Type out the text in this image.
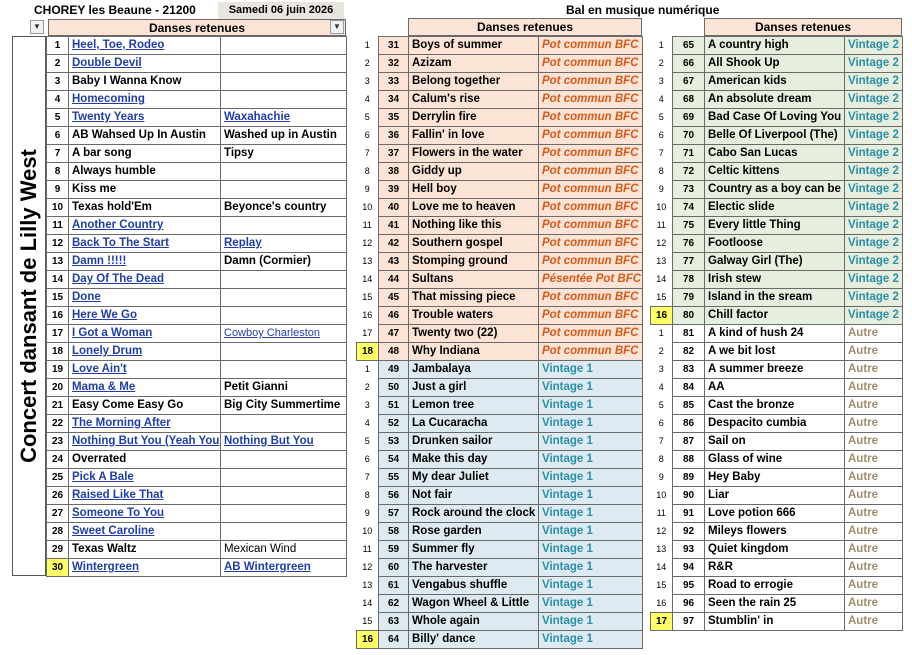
CHOREY les Beaune - 21200	Samedi 06 juin 2026	Bal en musique numérique
▼	Danses retenues	▼
Concert dansant de Lilly West
1	Heel, Toe, Rodeo	
2	Double Devil	
3	Baby I Wanna Know	
4	Homecoming	
5	Twenty Years	Waxahachie
6	AB Wahsed Up In Austin	Washed up in Austin
7	A bar song	Tipsy
8	Always humble	
9	Kiss me	
10	Texas hold'Em	Beyonce's country
11	Another Country	
12	Back To The Start	Replay
13	Damn !!!!!	Damn (Cormier)
14	Day Of The Dead	
15	Done	
16	Here We Go	
17	I Got a Woman	Cowboy Charleston
18	Lonely Drum	
19	Love Ain't	
20	Mama & Me	Petit Gianni
21	Easy Come Easy Go	Big City Summertime
22	The Morning After	
23	Nothing But You (Yeah You	Nothing But You
24	Overrated	
25	Pick A Bale	
26	Raised Like That	
27	Someone To You	
28	Sweet Caroline	
29	Texas Waltz	Mexican Wind
30	Wintergreen	AB Wintergreen
Danses retenues
1	31	Boys of summer	Pot commun BFC
2	32	Azizam	Pot commun BFC
3	33	Belong together	Pot commun BFC
4	34	Calum's rise	Pot commun BFC
5	35	Derrylin fire	Pot commun BFC
6	36	Fallin' in love	Pot commun BFC
7	37	Flowers in the water	Pot commun BFC
8	38	Giddy up	Pot commun BFC
9	39	Hell boy	Pot commun BFC
10	40	Love me to heaven	Pot commun BFC
11	41	Nothing like this	Pot commun BFC
12	42	Southern gospel	Pot commun BFC
13	43	Stomping ground	Pot commun BFC
14	44	Sultans	Pésentée Pot BFC
15	45	That missing piece	Pot commun BFC
16	46	Trouble waters	Pot commun BFC
17	47	Twenty two (22)	Pot commun BFC
18	48	Why Indiana	Pot commun BFC
1	49	Jambalaya	Vintage 1
2	50	Just a girl	Vintage 1
3	51	Lemon tree	Vintage 1
4	52	La Cucaracha	Vintage 1
5	53	Drunken sailor	Vintage 1
6	54	Make this day	Vintage 1
7	55	My dear Juliet	Vintage 1
8	56	Not fair	Vintage 1
9	57	Rock around the clock	Vintage 1
10	58	Rose garden	Vintage 1
11	59	Summer fly	Vintage 1
12	60	The harvester	Vintage 1
13	61	Vengabus shuffle	Vintage 1
14	62	Wagon Wheel & Little	Vintage 1
15	63	Whole again	Vintage 1
16	64	Billy' dance	Vintage 1
Danses retenues
1	65	A country high	Vintage 2
2	66	All Shook Up	Vintage 2
3	67	American kids	Vintage 2
4	68	An absolute dream	Vintage 2
5	69	Bad Case Of Loving You	Vintage 2
6	70	Belle Of Liverpool (The)	Vintage 2
7	71	Cabo San Lucas	Vintage 2
8	72	Celtic kittens	Vintage 2
9	73	Country as a boy can be	Vintage 2
10	74	Electic slide	Vintage 2
11	75	Every little Thing	Vintage 2
12	76	Footloose	Vintage 2
13	77	Galway Girl (The)	Vintage 2
14	78	Irish stew	Vintage 2
15	79	Island in the sream	Vintage 2
16	80	Chill factor	Vintage 2
1	81	A kind of hush 24	Autre
2	82	A we bit lost	Autre
3	83	A summer breeze	Autre
4	84	AA	Autre
5	85	Cast the bronze	Autre
6	86	Despacito cumbia	Autre
7	87	Sail on	Autre
8	88	Glass of wine	Autre
9	89	Hey Baby	Autre
10	90	Liar	Autre
11	91	Love potion 666	Autre
12	92	Mileys flowers	Autre
13	93	Quiet kingdom	Autre
14	94	R&R	Autre
15	95	Road to errogie	Autre
16	96	Seen the rain 25	Autre
17	97	Stumblin' in	Autre
